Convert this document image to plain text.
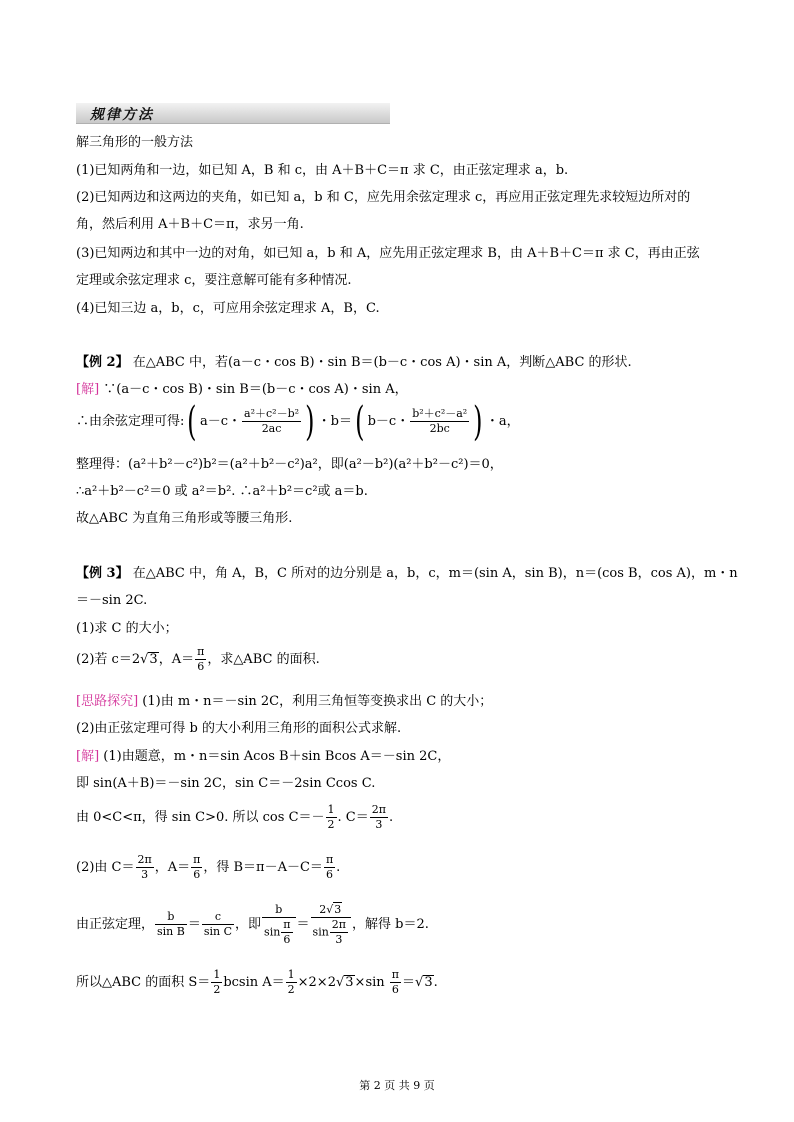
规律方法
解三角形的一般方法
(1)已知两角和一边，如已知 A，B 和 c，由 A＋B＋C＝π 求 C，由正弦定理求 a，b.
(2)已知两边和这两边的夹角，如已知 a，b 和 C，应先用余弦定理求 c，再应用正弦定理先求较短边所对的
角，然后利用 A＋B＋C＝π，求另一角.
(3)已知两边和其中一边的对角，如已知 a，b 和 A，应先用正弦定理求 B，由 A＋B＋C＝π 求 C，再由正弦
定理或余弦定理求 c，要注意解可能有多种情况.
(4)已知三边 a，b，c，可应用余弦定理求 A，B，C.
【例 2】 在△ABC 中，若(a－c・cos B)・sin B＝(b－c・cos A)・sin A，判断△ABC 的形状.
[解] ∵(a－c・cos B)・sin B＝(b－c・cos A)・sin A，
∴由余弦定理可得:( a－c・ $\frac{\text{a²＋c²－b²}}{2ac}$ ) ・b＝( b－c・ $\frac{\text{b²＋c²－a²}}{2bc}$ ) ・a，
整理得：(a²＋b²－c²)b²＝(a²＋b²－c²)a²，即(a²－b²)(a²＋b²－c²)＝0，
∴a²＋b²－c²＝0 或 a²＝b². ∴a²＋b²＝c²或 a＝b.
故△ABC 为直角三角形或等腰三角形.
【例 3】 在△ABC 中，角 A，B，C 所对的边分别是 a，b，c，m＝(sin A，sin B)，n＝(cos B，cos A)，m・n
＝－sin 2C.
(1)求 C 的大小；
(2)若 c＝2√3，$A= \frac{\pi}{6}$ ，求△ABC 的面积.
[思路探究] (1)由 m・n＝－sin 2C，利用三角恒等变换求出 C 的大小；
(2)由正弦定理可得 b 的大小利用三角形的面积公式求解.
[解] (1)由题意，m・n＝sin Acos B＋sin Bcos A＝－sin 2C，
即 sin(A＋B)＝－sin 2C，sin C＝－2sin Ccos C.
由 0<C<π，得 sin C>0. 所以 $\cos C=- \frac{1}{2}$ . $C= \frac{2\pi}{3}$ .
(2)由 $C= \frac{2\pi}{3}$ ，$A= \frac{\pi}{6}$ ，得 $B=\pi-A-C= \frac{\pi}{6}$ .
由正弦定理， $\frac{b}{\text{sin B}} = \frac{c}{\text{sin C}}$ ，即 $\frac{b}{\sin \frac{\pi}{6}} = \frac{2√3}{\sin \frac{2\pi}{3}}$ ，解得 b＝2.
所以△ABC 的面积 $S= \frac{1}{2}$ bcsin $A= \frac{1}{2} \times 2\times 2√3\times\sin \frac{\pi}{6} =√3$.
第 2 页 共 9 页
